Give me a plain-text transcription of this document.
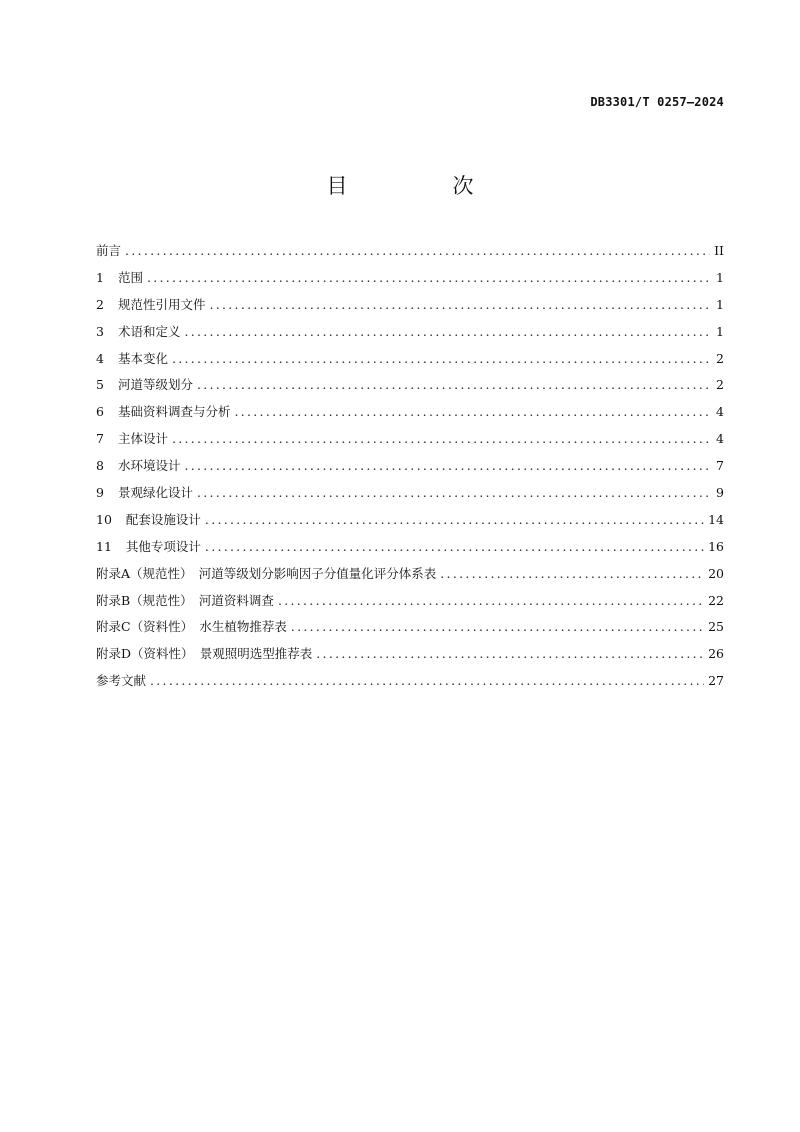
DB3301/T 0257—2024
目　次
前言 .....	II
1 范围 .....	1
2 规范性引用文件 .....	1
3 术语和定义 .....	1
4 基本变化 .....	2
5 河道等级划分 .....	2
6 基础资料调查与分析 .....	4
7 主体设计 .....	4
8 水环境设计 .....	7
9 景观绿化设计 .....	9
10 配套设施设计 .....	14
11 其他专项设计 .....	16
附录A（规范性）　河道等级划分影响因子分值量化评分体系表 .....	20
附录B（规范性）　河道资料调查 .....	22
附录C（资料性）　水生植物推荐表 .....	25
附录D（资料性）　景观照明选型推荐表 .....	26
参考文献 .....	27
